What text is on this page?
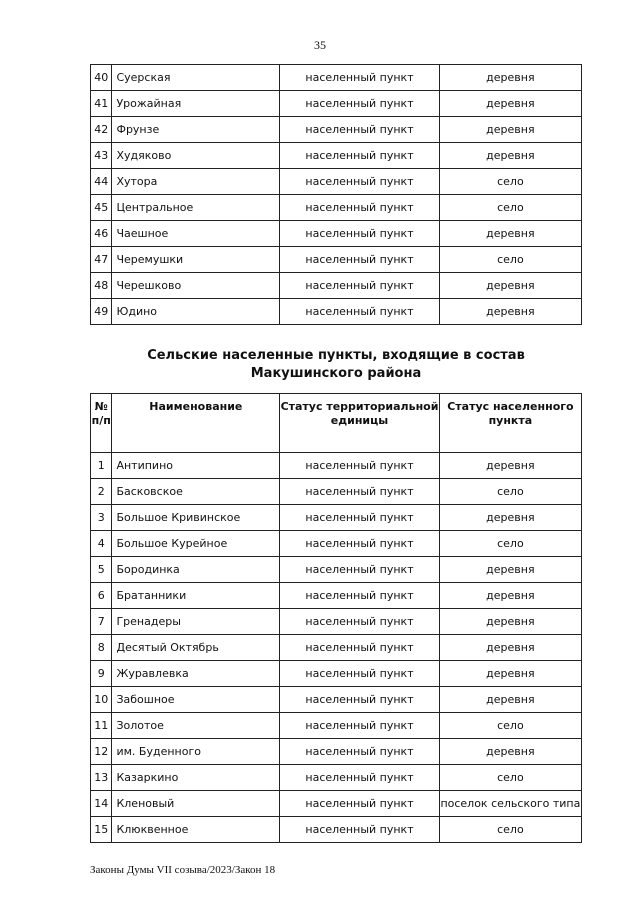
35
40	Суерская	населенный пункт	деревня
41	Урожайная	населенный пункт	деревня
42	Фрунзе	населенный пункт	деревня
43	Худяково	населенный пункт	деревня
44	Хутора	населенный пункт	село
45	Центральное	населенный пункт	село
46	Чаешное	населенный пункт	деревня
47	Черемушки	населенный пункт	село
48	Черешково	населенный пункт	деревня
49	Юдино	населенный пункт	деревня
Сельские населенные пункты, входящие в состав
Макушинского района
№ п/п	Наименование	Статус территориальной единицы	Статус населенного пункта
1	Антипино	населенный пункт	деревня
2	Басковское	населенный пункт	село
3	Большое Кривинское	населенный пункт	деревня
4	Большое Курейное	населенный пункт	село
5	Бородинка	населенный пункт	деревня
6	Братанники	населенный пункт	деревня
7	Гренадеры	населенный пункт	деревня
8	Десятый Октябрь	населенный пункт	деревня
9	Журавлевка	населенный пункт	деревня
10	Забошное	населенный пункт	деревня
11	Золотое	населенный пункт	село
12	им. Буденного	населенный пункт	деревня
13	Казаркино	населенный пункт	село
14	Кленовый	населенный пункт	поселок сельского типа
15	Клюквенное	населенный пункт	село
Законы Думы VII созыва/2023/Закон 18
